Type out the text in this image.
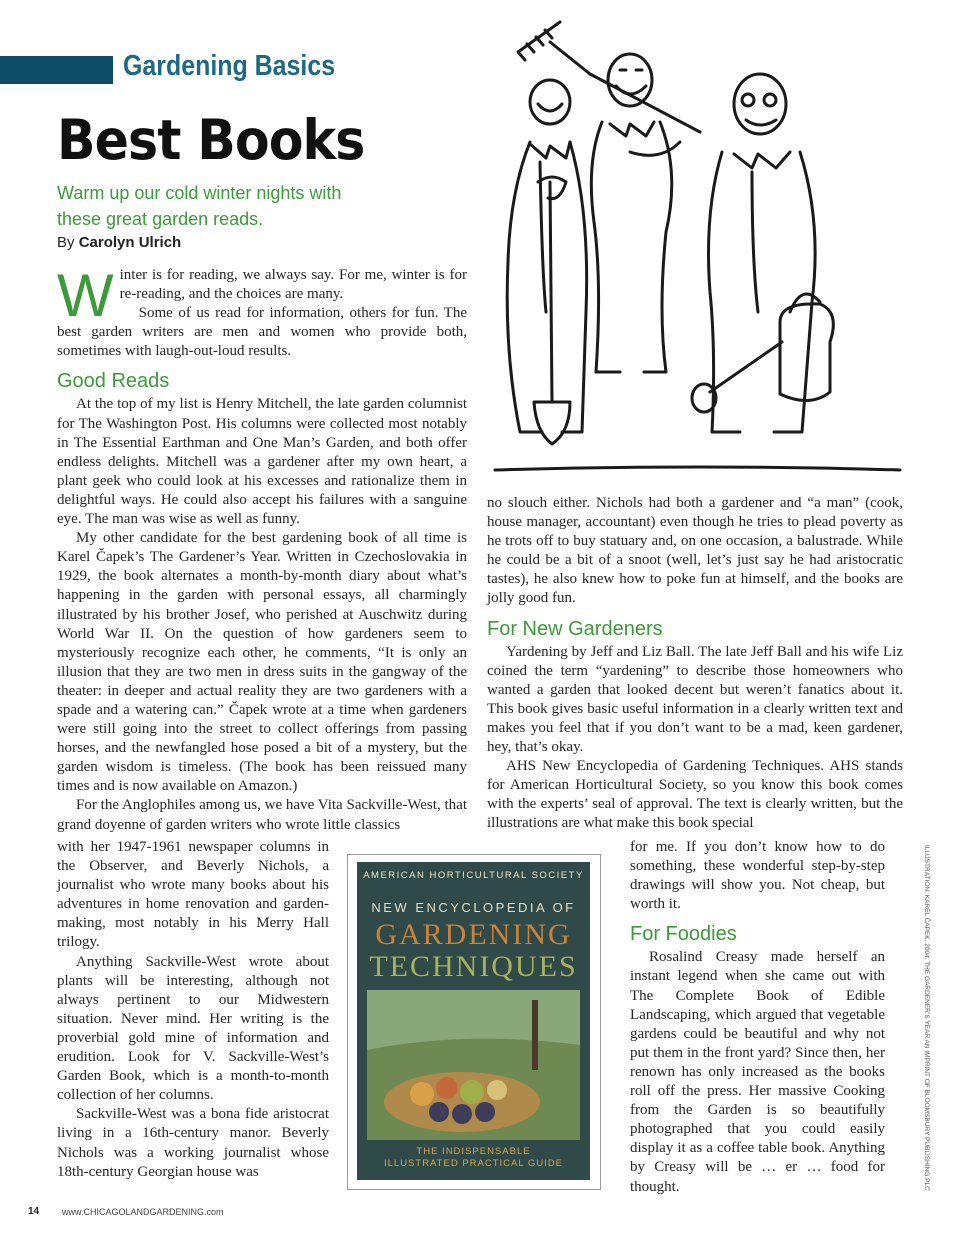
Gardening Basics
Best Books
Warm up our cold winter nights with these great garden reads.
By Carolyn Ulrich

Winter is for reading, we always say. For me, winter is for re-reading, and the choices are many.

Some of us read for information, others for fun. The best garden writers are men and women who provide both, sometimes with laugh-out-loud results.

Good Reads

At the top of my list is Henry Mitchell, the late garden columnist for The Washington Post. His columns were collected most notably in The Essential Earthman and One Man’s Garden, and both offer endless delights. Mitchell was a gardener after my own heart, a plant geek who could look at his excesses and rationalize them in delightful ways. He could also accept his failures with a sanguine eye. The man was wise as well as funny.

My other candidate for the best gardening book of all time is Karel Čapek’s The Gardener’s Year. Written in Czechoslovakia in 1929, the book alternates a month-by-month diary about what’s happening in the garden with personal essays, all charmingly illustrated by his brother Josef, who perished at Auschwitz during World War II. On the question of how gardeners seem to mysteriously recognize each other, he comments, “It is only an illusion that they are two men in dress suits in the gangway of the theater: in deeper and actual reality they are two gardeners with a spade and a watering can.” Čapek wrote at a time when gardeners were still going into the street to collect offerings from passing horses, and the newfangled hose posed a bit of a mystery, but the garden wisdom is timeless. (The book has been reissued many times and is now available on Amazon.)

For the Anglophiles among us, we have Vita Sackville-West, that grand doyenne of garden writers who wrote little classics

with her 1947-1961 newspaper columns in the Observer, and Beverly Nichols, a journalist who wrote many books about his adventures in home renovation and garden-making, most notably in his Merry Hall trilogy.

Anything Sackville-West wrote about plants will be interesting, although not always pertinent to our Midwestern situation. Never mind. Her writing is the proverbial gold mine of information and erudition. Look for V. Sackville-West’s Garden Book, which is a month-to-month collection of her columns.

Sackville-West was a bona fide aristocrat living in a 16th-century manor. Beverly Nichols was a working journalist whose 18th-century Georgian house was

no slouch either. Nichols had both a gardener and “a man” (cook, house manager, accountant) even though he tries to plead poverty as he trots off to buy statuary and, on one occasion, a balustrade. While he could be a bit of a snoot (well, let’s just say he had aristocratic tastes), he also knew how to poke fun at himself, and the books are jolly good fun.

For New Gardeners

Yardening by Jeff and Liz Ball. The late Jeff Ball and his wife Liz coined the term “yardening” to describe those homeowners who wanted a garden that looked decent but weren’t fanatics about it. This book gives basic useful information in a clearly written text and makes you feel that if you don’t want to be a mad, keen gardener, hey, that’s okay.

AHS New Encyclopedia of Gardening Techniques. AHS stands for American Horticultural Society, so you know this book comes with the experts’ seal of approval. The text is clearly written, but the illustrations are what make this book special

for me. If you don’t know how to do something, these wonderful step-by-step drawings will show you. Not cheap, but worth it.

For Foodies

Rosalind Creasy made herself an instant legend when she came out with The Complete Book of Edible Landscaping, which argued that vegetable gardens could be beautiful and why not put them in the front yard? Since then, her renown has only increased as the books roll off the press. Her massive Cooking from the Garden is so beautifully photographed that you could easily display it as a coffee table book. Anything by Creasy will be … er … food for thought.

AMERICAN HORTICULTURAL SOCIETY
NEW ENCYCLOPEDIA OF
GARDENING
TECHNIQUES
THE INDISPENSABLE
ILLUSTRATED PRACTICAL GUIDE	ILLUSTRATION: KAREL ČAPEK, 2004. THE GARDENER’S YEAR AN IMPRINT OF BLOOMSBURY PUBLISHING PLC
14	www.CHICAGOLANDGARDENING.com
